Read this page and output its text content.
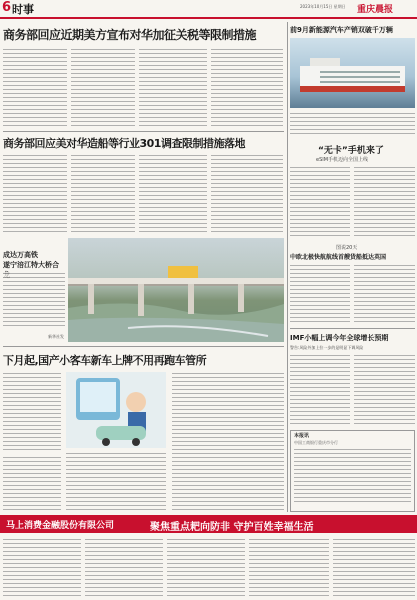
6 时事	2023年10月15日 星期日 重庆晨报
商务部回应近期美方宣布对华加征关税等限制措施
商务部回应美对华造船等行业301调查限制措施落地
成达万高铁
遂宁涪江特大桥合
新华社发
下月起,国产小客车新车上牌不用再跑车管所
前9月新能源汽车产销双破千万辆
“无卡”手机来了
eSIM手机迈向全国上线
图说20天
中欧北极快航航线首艘货船抵达英国
IMF小幅上调今年全球增长预期
警告:风险外加上拉一步的是明显下调风险
本报讯
中国工商银行重庆市分行
马上消费金融股份有限公司	聚焦重点耙向防非 守护百姓幸福生活
